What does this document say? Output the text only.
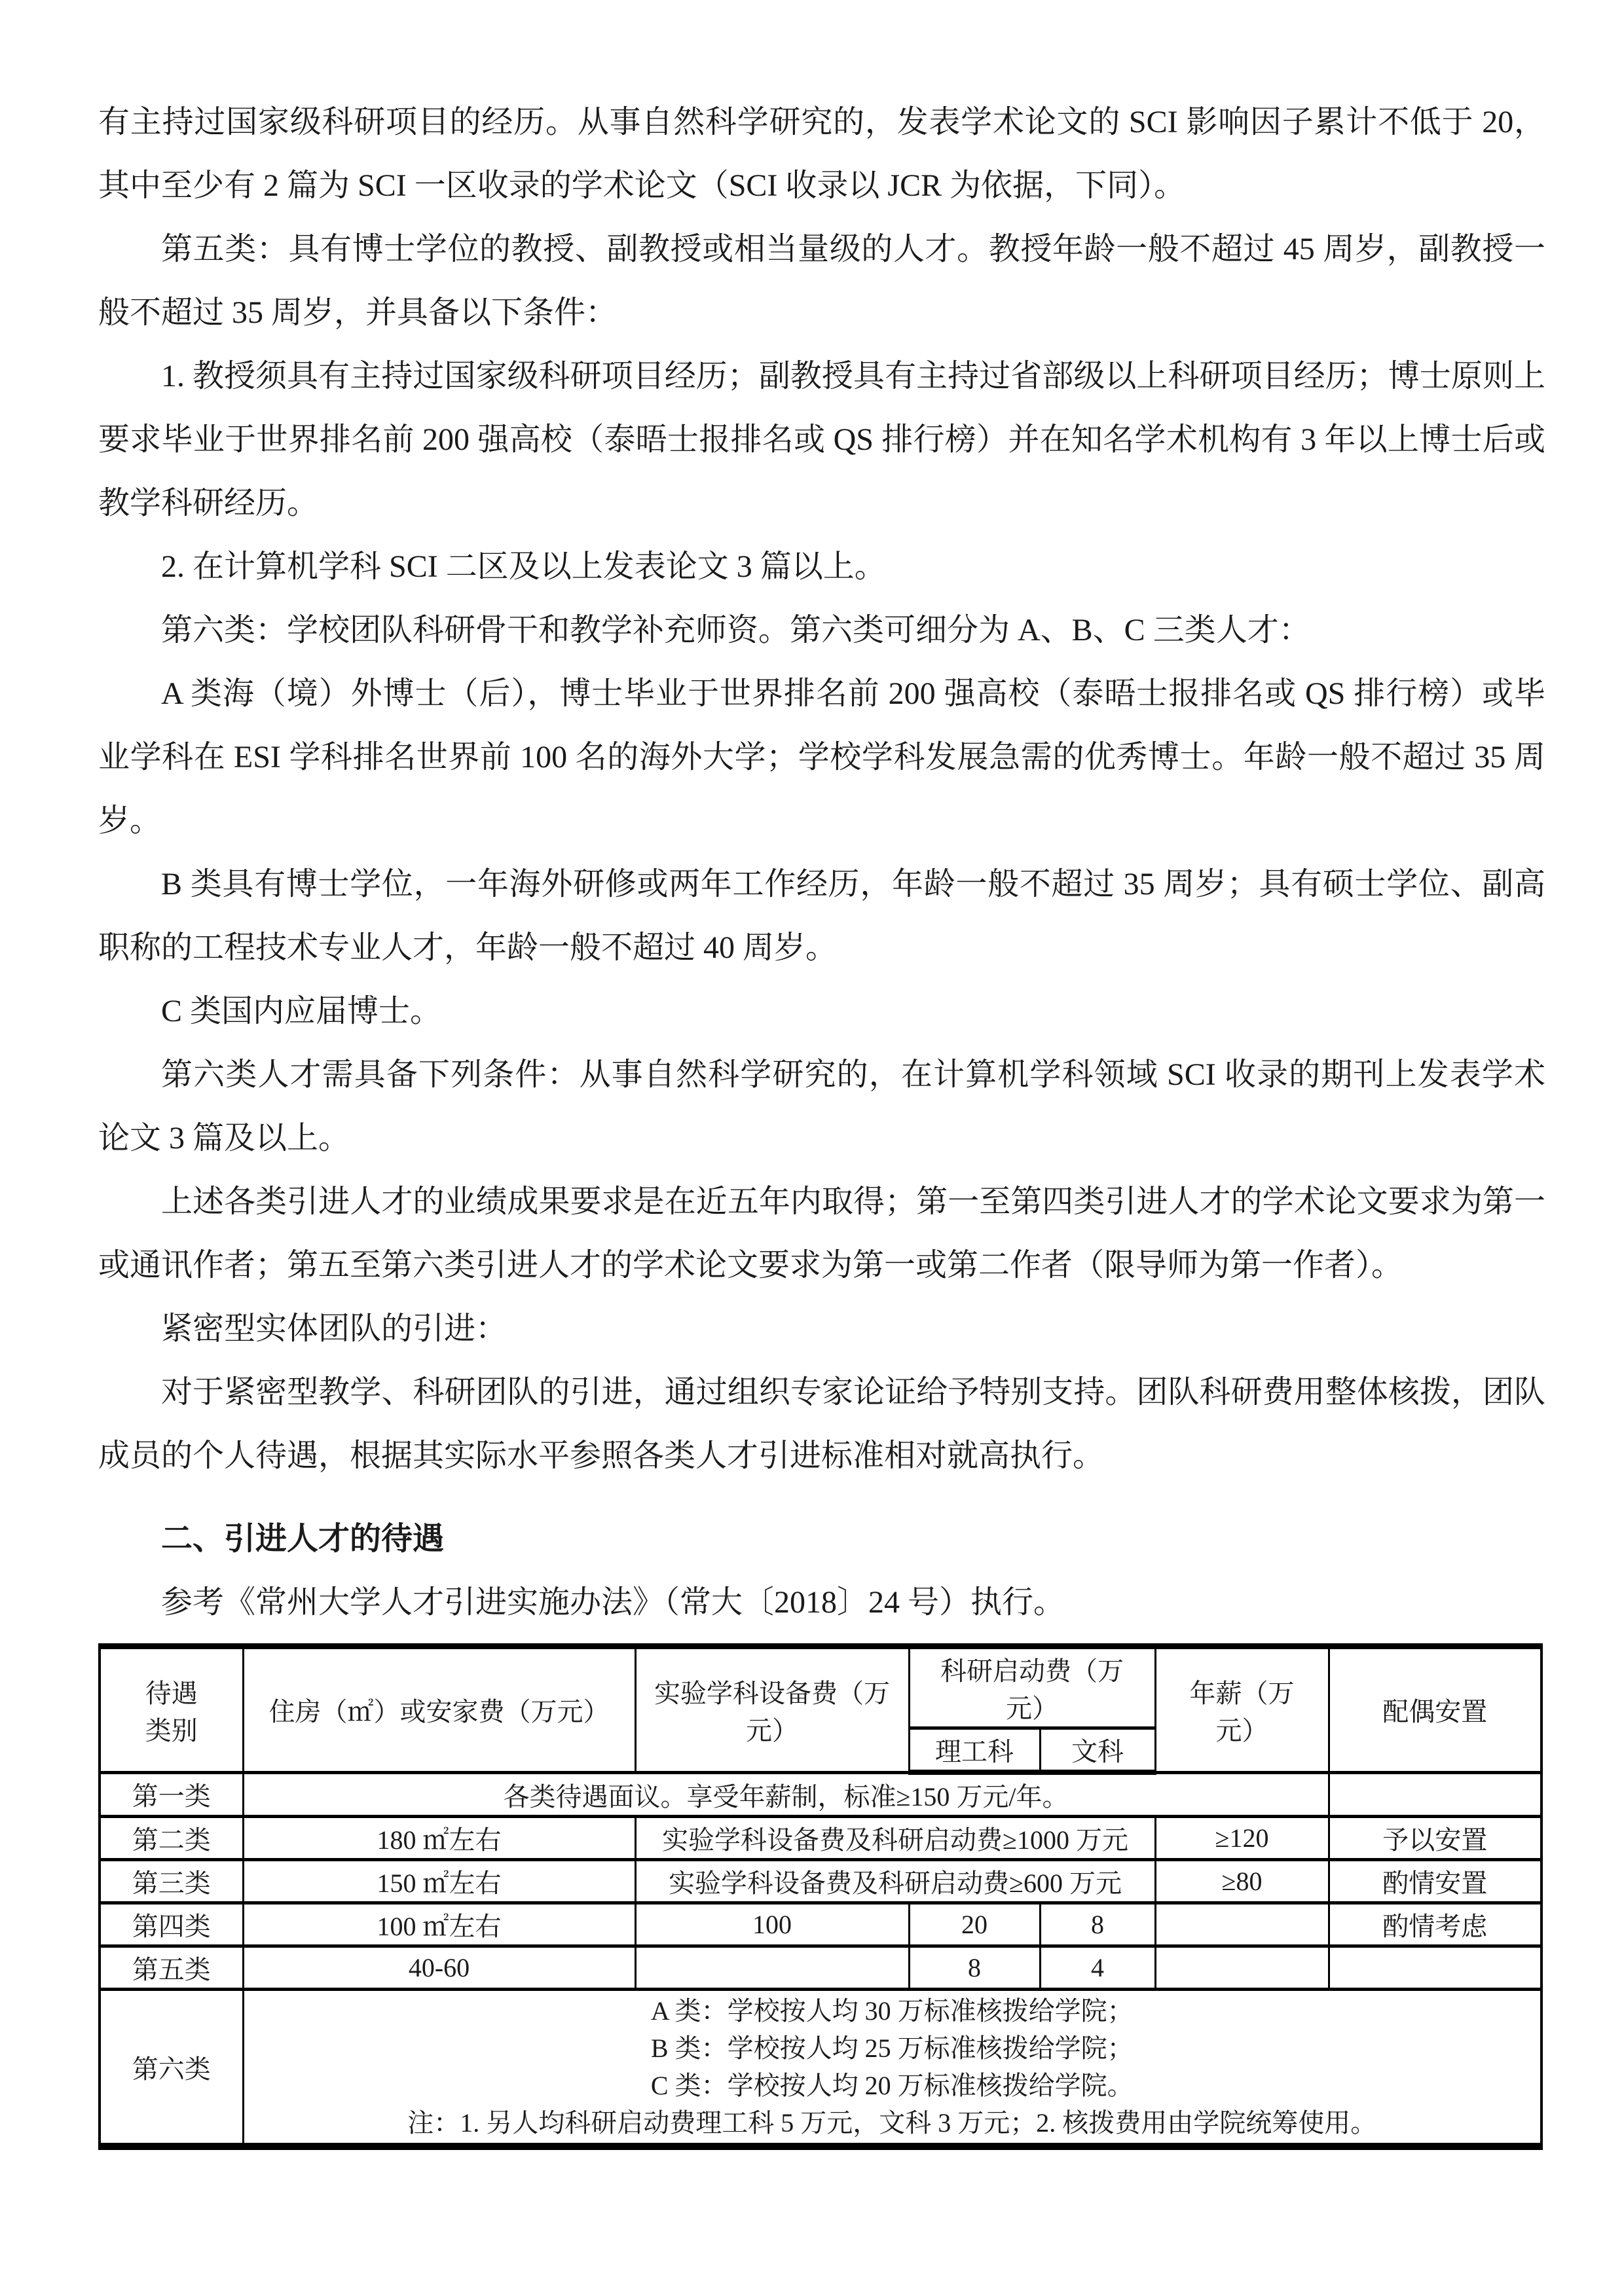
有主持过国家级科研项目的经历。从事自然科学研究的，发表学术论文的 SCI 影响因子累计不低于 20，其中至少有 2 篇为 SCI 一区收录的学术论文（SCI 收录以 JCR 为依据，下同）。

第五类：具有博士学位的教授、副教授或相当量级的人才。教授年龄一般不超过 45 周岁，副教授一般不超过 35 周岁，并具备以下条件：

1. 教授须具有主持过国家级科研项目经历；副教授具有主持过省部级以上科研项目经历；博士原则上要求毕业于世界排名前 200 强高校（泰晤士报排名或 QS 排行榜）并在知名学术机构有 3 年以上博士后或教学科研经历。

2. 在计算机学科 SCI 二区及以上发表论文 3 篇以上。

第六类：学校团队科研骨干和教学补充师资。第六类可细分为 A、B、C 三类人才：

A 类海（境）外博士（后），博士毕业于世界排名前 200 强高校（泰晤士报排名或 QS 排行榜）或毕业学科在 ESI 学科排名世界前 100 名的海外大学；学校学科发展急需的优秀博士。年龄一般不超过 35 周岁。

B 类具有博士学位，一年海外研修或两年工作经历，年龄一般不超过 35 周岁；具有硕士学位、副高职称的工程技术专业人才，年龄一般不超过 40 周岁。

C 类国内应届博士。

第六类人才需具备下列条件：从事自然科学研究的，在计算机学科领域 SCI 收录的期刊上发表学术论文 3 篇及以上。

上述各类引进人才的业绩成果要求是在近五年内取得；第一至第四类引进人才的学术论文要求为第一或通讯作者；第五至第六类引进人才的学术论文要求为第一或第二作者（限导师为第一作者）。

紧密型实体团队的引进：

对于紧密型教学、科研团队的引进，通过组织专家论证给予特别支持。团队科研费用整体核拨，团队成员的个人待遇，根据其实际水平参照各类人才引进标准相对就高执行。

二、引进人才的待遇

参考《常州大学人才引进实施办法》（常大〔2018〕24 号）执行。

待遇类别	住房（㎡）或安家费（万元）	实验学科设备费（万元）	科研启动费（万元）		年薪（万元）	配偶安置
			理工科	文科		
第一类	各类待遇面议。享受年薪制，标准≥150 万元/年。					
第二类	180 ㎡左右	实验学科设备费及科研启动费≥1000 万元			≥120	予以安置
第三类	150 ㎡左右	实验学科设备费及科研启动费≥600 万元			≥80	酌情安置
第四类	100 ㎡左右	100	20	8		酌情考虑
第五类	40-60		8	4		
第六类	A 类：学校按人均 30 万标准核拨给学院；
B 类：学校按人均 25 万标准核拨给学院；
C 类：学校按人均 20 万标准核拨给学院。
注：1. 另人均科研启动费理工科 5 万元，文科 3 万元；2. 核拨费用由学院统筹使用。					
